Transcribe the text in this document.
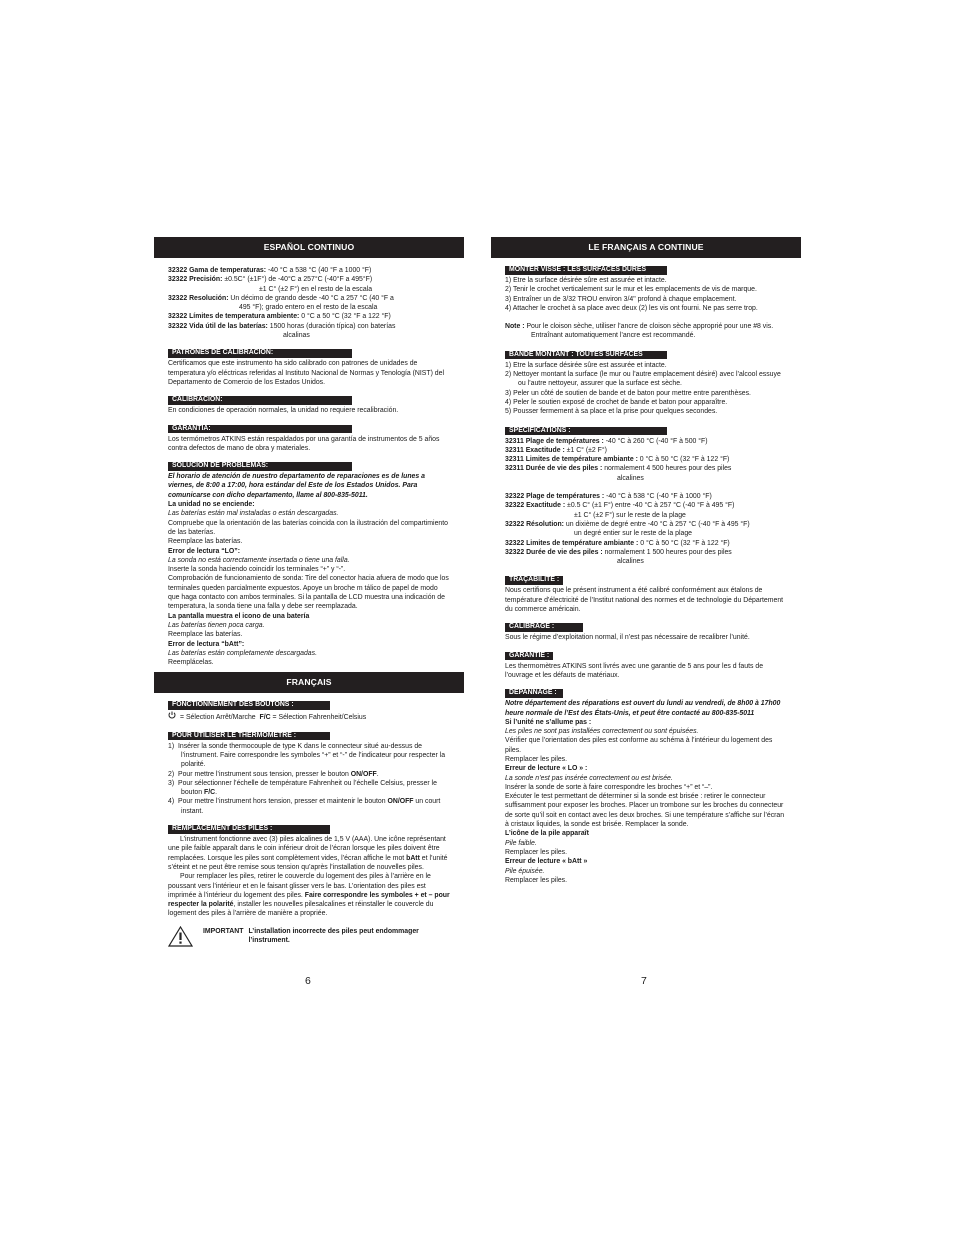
ESPAÑOL CONTINUO

32322 Gama de temperaturas: -40 °C a 538 °C (40 °F a 1000 °F)

32322 Precisión: ±0.5C° (±1F°) de -40°C a 257°C (-40°F a 495°F)

±1 C° (±2 F°) en el resto de la escala

32322 Resolución: Un décimo de grando desde -40 °C a 257 °C (40 °F a

495 °F); grado entero en el resto de la escala

32322 Límites de temperatura ambiente: 0 °C a 50 °C (32 °F a 122 °F)

32322 Vida útil de las baterías: 1500 horas (duración típica) con baterías

alcalinas

PATRONES DE CALIBRACIÓN:

Certificamos que este instrumento ha sido calibrado con patrones de unidades de temperatura y/o eléctricas referidas al Instituto Nacional de Normas y Tenología (NIST) del Departamento de Comercio de los Estados Unidos.

CALIBRACIÓN:

En condiciones de operación normales, la unidad no requiere recalibración.

GARANTÍA:

Los termómetros ATKINS están respaldados por una garantía de instrumentos de 5 años contra defectos de mano de obra y materiales.

SOLUCIÓN DE PROBLEMAS:

El horario de atención de nuestro departamento de reparaciones es de lunes a viernes, de 8:00 a 17:00, hora estándar del Este de los Estados Unidos. Para comunicarse con dicho departamento, llame al 800-835-5011.

La unidad no se enciende:

Las baterías están mal instaladas o están descargadas.

Compruebe que la orientación de las baterías coincida con la ilustración del compartimiento de las baterías.

Reemplace las baterías.

Error de lectura “LO”:

La sonda no está correctamente insertada o tiene una falla.

Inserte la sonda haciendo coincidir los terminales “+” y “-”.

Comprobación de funcionamiento de sonda: Tire del conector hacia afuera de modo que los terminales queden parcialmente expuestos. Apoye un broche m tálico de papel de modo que haga contacto con ambos terminales. Si la pantalla de LCD muestra una indicación de temperatura, la sonda tiene una falla y debe ser reemplazada.

La pantalla muestra el icono de una batería

Las baterías tienen poca carga.

Reemplace las baterías.

Error de lectura “bAtt”:

Las baterías están completamente descargadas.

Reemplácelas.

FRANÇAIS
FONCTIONNEMENT DES BOUTONS :

= Sélection Arrêt/Marche F/C = Sélection Fahrenheit/Celsius

POUR UTILISER LE THERMOMÈTRE :

1) Insérer la sonde thermocouple de type K dans le connecteur situé au-dessus de l’instrument. Faire correspondre les symboles “+” et “-” de l’indicateur pour respecter la polarité.

2) Pour mettre l’instrument sous tension, presser le bouton ON/OFF.

3) Pour sélectionner l’échelle de température Fahrenheit ou l’échelle Celsius, presser le bouton F/C.

4) Pour mettre l’instrument hors tension, presser et maintenir le bouton ON/OFF un court instant.

REMPLACEMENT DES PILES :

L’instrument fonctionne avec (3) piles alcalines de 1,5 V (AAA). Une icône représentant une pile faible apparaît dans le coin inférieur droit de l’écran lorsque les piles doivent être remplacées. Lorsque les piles sont complètement vides, l’écran affiche le mot bAtt et l’unité s’éteint et ne peut être remise sous tension qu’après l’installation de nouvelles piles.

Pour remplacer les piles, retirer le couvercle du logement des piles à l’arrière en le poussant vers l’intérieur et en le faisant glisser vers le bas. L’orientation des piles est imprimée à l’intérieur du logement des piles. Faire correspondre les symboles + et – pour respecter la polarité, installer les nouvelles pilesalcalines et réinstaller le couvercle du logement des piles à l’arrière de manière a propriée.

IMPORTANT L’installation incorrecte des piles peut endommager l’instrument.
6
LE FRANÇAIS A CONTINUE
MONTER VISSE : LES SURFACES DURES

1) Etre la surface désirée sûre est assurée et intacte.

2) Tenir le crochet verticalement sur le mur et les emplacements de vis de marque.

3) Entraîner un de 3/32 TROU environ 3/4" profond à chaque emplacement.

4) Attacher le crochet à sa place avec deux (2) les vis ont fourni. Ne pas serre trop.

Note : Pour le cloison sèche, utiliser l’ancre de cloison sèche approprié pour une #8 vis. Entraînant automatiquement l’ancre est recommandé.

BANDE MONTANT : TOUTES SURFACES

1) Etre la surface désirée sûre est assurée et intacte.

2) Nettoyer montant la surface (le mur ou l’autre emplacement désiré) avec l’alcool essuye ou l’autre nettoyeur, assurer que la surface est sèche.

3) Peler un côté de soutien de bande et de baton pour mettre entre parenthèses.

4) Peler le soutien exposé de crochet de bande et baton pour apparaître.

5) Pousser fermement à sa place et la prise pour quelques secondes.

SPÉCIFICATIONS :

32311 Plage de températures : -40 °C à 260 °C (-40 °F à 500 °F)

32311 Exactitude : ±1 C° (±2 F°)

32311 Limites de température ambiante : 0 °C à 50 °C (32 °F à 122 °F)

32311 Durée de vie des piles : normalement 4 500 heures pour des piles

alcalines

32322 Plage de températures : -40 °C à 538 °C (-40 °F à 1000 °F)

32322 Exactitude : ±0.5 C° (±1 F°) entre -40 °C à 257 °C (-40 °F à 495 °F)

±1 C° (±2 F°) sur le reste de la plage

32322 Résolution: un dixième de degré entre -40 °C à 257 °C (-40 °F à 495 °F)

un degré entier sur le reste de la plage

32322 Limites de température ambiante : 0 °C à 50 °C (32 °F à 122 °F)

32322 Durée de vie des piles : normalement 1 500 heures pour des piles

alcalines

TRAÇABILITÉ :

Nous certifions que le présent instrument a été calibré conformément aux étalons de température d’électricité de l’Institut national des normes et de technologie du Département du commerce américain.

CALIBRAGE :

Sous le régime d’exploitation normal, il n’est pas nécessaire de recalibrer l’unité.

GARANTIE :

Les thermomètres ATKINS sont livrés avec une garantie de 5 ans pour les d fauts de l’ouvrage et les défauts de matériaux.

DÉPANNAGE :

Notre département des réparations est ouvert du lundi au vendredi, de 8h00 à 17h00 heure normale de l’Est des États-Unis, et peut être contacté au 800-835-5011

Si l’unité ne s’allume pas :

Les piles ne sont pas installées correctement ou sont épuisées.

Vérifier que l’orientation des piles est conforme au schéma à l’intérieur du logement des piles.

Remplacer les piles.

Erreur de lecture « LO » :

La sonde n’est pas insérée correctement ou est brisée.

Insérer la sonde de sorte à faire correspondre les broches “+” et “–”.

Exécuter le test permettant de déterminer si la sonde est brisée : retirer le connecteur suffisamment pour exposer les broches. Placer un trombone sur les broches du connecteur de sorte qu’il soit en contact avec les deux broches. Si une température s’affiche sur l’écran à cristaux liquides, la sonde est brisée. Remplacer la sonde.

L’icône de la pile apparaît

Pile faible.

Remplacer les piles.

Erreur de lecture « bAtt »

Pile épuisée.

Remplacer les piles.

7
